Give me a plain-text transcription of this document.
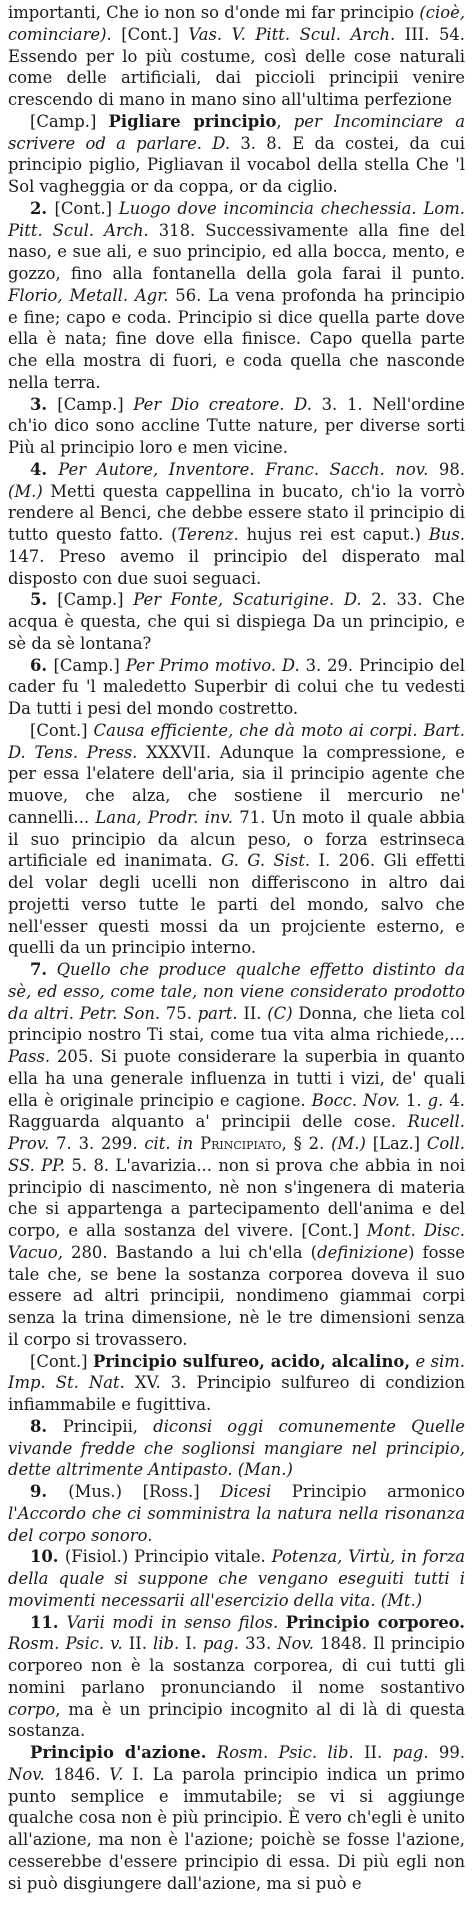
importanti, Che io non so d'onde mi far principio (cioè, cominciare). [Cont.] Vas. V. Pitt. Scul. Arch. III. 54. Essendo per lo più costume, così delle cose naturali come delle artificiali, dai piccioli principii venire crescendo di mano in mano sino all'ultima perfezione

[Camp.] Pigliare principio, per Incominciare a scrivere od a parlare. D. 3. 8. E da costei, da cui principio piglio, Pigliavan il vocabol della stella Che 'l Sol vagheggia or da coppa, or da ciglio.

2. [Cont.] Luogo dove incomincia chechessia. Lom. Pitt. Scul. Arch. 318. Successivamente alla fine del naso, e sue ali, e suo principio, ed alla bocca, mento, e gozzo, fino alla fontanella della gola farai il punto. Florio, Metall. Agr. 56. La vena profonda ha principio e fine; capo e coda. Principio si dice quella parte dove ella è nata; fine dove ella finisce. Capo quella parte che ella mostra di fuori, e coda quella che nasconde nella terra.

3. [Camp.] Per Dio creatore. D. 3. 1. Nell'ordine ch'io dico sono accline Tutte nature, per diverse sorti Più al principio loro e men vicine.

4. Per Autore, Inventore. Franc. Sacch. nov. 98. (M.) Metti questa cappellina in bucato, ch'io la vorrò rendere al Benci, che debbe essere stato il principio di tutto questo fatto. (Terenz. hujus rei est caput.) Bus. 147. Preso avemo il principio del disperato mal disposto con due suoi seguaci.

5. [Camp.] Per Fonte, Scaturigine. D. 2. 33. Che acqua è questa, che qui si dispiega Da un principio, e sè da sè lontana?

6. [Camp.] Per Primo motivo. D. 3. 29. Principio del cader fu 'l maledetto Superbir di colui che tu vedesti Da tutti i pesi del mondo costretto.

[Cont.] Causa efficiente, che dà moto ai corpi. Bart. D. Tens. Press. XXXVII. Adunque la compressione, e per essa l'elatere dell'aria, sia il principio agente che muove, che alza, che sostiene il mercurio ne' cannelli... Lana, Prodr. inv. 71. Un moto il quale abbia il suo principio da alcun peso, o forza estrinseca artificiale ed inanimata. G. G. Sist. I. 206. Gli effetti del volar degli ucelli non differiscono in altro dai projetti verso tutte le parti del mondo, salvo che nell'esser questi mossi da un projciente esterno, e quelli da un principio interno.

7. Quello che produce qualche effetto distinto da sè, ed esso, come tale, non viene considerato prodotto da altri. Petr. Son. 75. part. II. (C) Donna, che lieta col principio nostro Ti stai, come tua vita alma richiede,... Pass. 205. Si puote considerare la superbia in quanto ella ha una generale influenza in tutti i vizi, de' quali ella è originale principio e cagione. Bocc. Nov. 1. g. 4. Ragguarda alquanto a' principii delle cose. Rucell. Prov. 7. 3. 299. cit. in Principiato, § 2. (M.) [Laz.] Coll. SS. PP. 5. 8. L'avarizia... non si prova che abbia in noi principio di nascimento, nè non s'ingenera di materia che si appartenga a partecipamento dell'anima e del corpo, e alla sostanza del vivere. [Cont.] Mont. Disc. Vacuo, 280. Bastando a lui ch'ella (definizione) fosse tale che, se bene la sostanza corporea doveva il suo essere ad altri principii, nondimeno giammai corpi senza la trina dimensione, nè le tre dimensioni senza il corpo si trovassero.

[Cont.] Principio sulfureo, acido, alcalino, e sim. Imp. St. Nat. XV. 3. Principio sulfureo di condizion infiammabile e fugittiva.

8. Principii, diconsi oggi comunemente Quelle vivande fredde che soglionsi mangiare nel principio, dette altrimente Antipasto. (Man.)

9. (Mus.) [Ross.] Dicesi Principio armonico l'Accordo che ci somministra la natura nella risonanza del corpo sonoro.

10. (Fisiol.) Principio vitale. Potenza, Virtù, in forza della quale si suppone che vengano eseguiti tutti i movimenti necessarii all'esercizio della vita. (Mt.)

11. Varii modi in senso filos. Principio corporeo. Rosm. Psic. v. II. lib. I. pag. 33. Nov. 1848. Il principio corporeo non è la sostanza corporea, di cui tutti gli nomini parlano pronunciando il nome sostantivo corpo, ma è un principio incognito al di là di questa sostanza.

Principio d'azione. Rosm. Psic. lib. II. pag. 99. Nov. 1846. V. I. La parola principio indica un primo punto semplice e immutabile; se vi si aggiunge qualche cosa non è più principio. È vero ch'egli è unito all'azione, ma non è l'azione; poichè se fosse l'azione, cesserebbe d'essere principio di essa. Di più egli non si può disgiungere dall'azione, ma si può e
